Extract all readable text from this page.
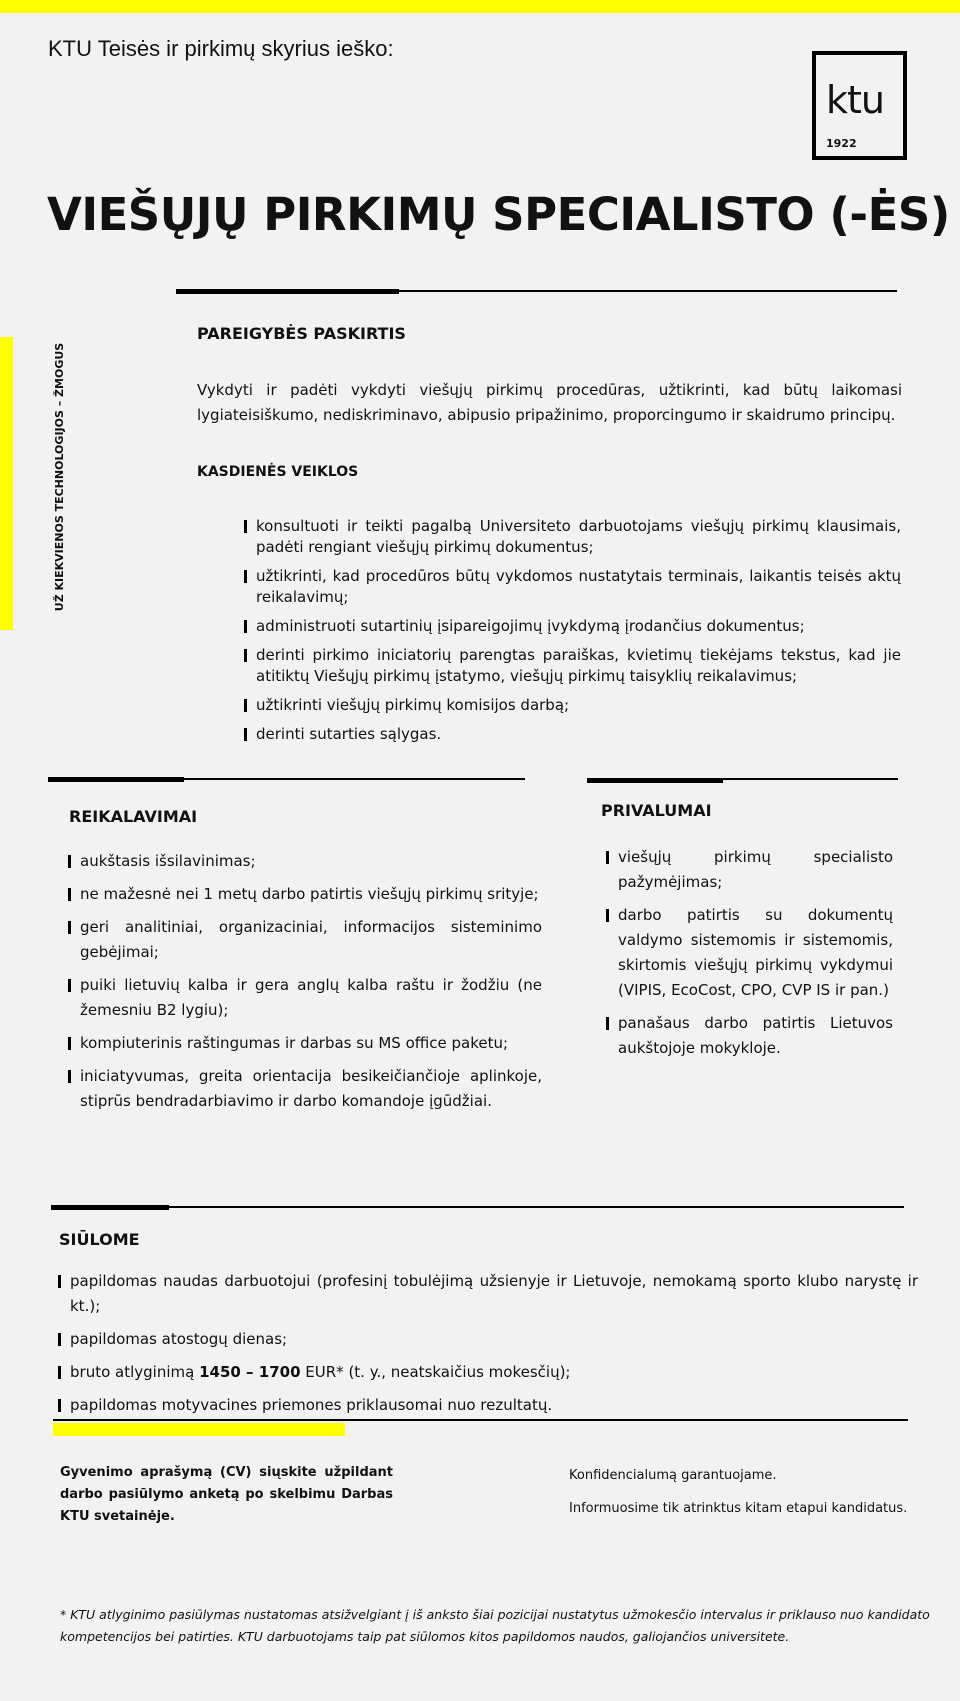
KTU Teisės ir pirkimų skyrius ieško:
ktu
1922
VIEŠŲJŲ PIRKIMŲ SPECIALISTO (-ĖS)
UŽ KIEKVIENOS TECHNOLOGIJOS – ŽMOGUS
PAREIGYBĖS PASKIRTIS
Vykdyti ir padėti vykdyti viešųjų pirkimų procedūras, užtikrinti, kad būtų laikomasi lygiateisiškumo, nediskriminavo, abipusio pripažinimo, proporcingumo ir skaidrumo principų.
KASDIENĖS VEIKLOS
konsultuoti ir teikti pagalbą Universiteto darbuotojams viešųjų pirkimų klausimais, padėti rengiant viešųjų pirkimų dokumentus;
užtikrinti, kad procedūros būtų vykdomos nustatytais terminais, laikantis teisės aktų reikalavimų;
administruoti sutartinių įsipareigojimų įvykdymą įrodančius dokumentus;
derinti pirkimo iniciatorių parengtas paraiškas, kvietimų tiekėjams tekstus, kad jie atitiktų Viešųjų pirkimų įstatymo, viešųjų pirkimų taisyklių reikalavimus;
užtikrinti viešųjų pirkimų komisijos darbą;
derinti sutarties sąlygas.
REIKALAVIMAI
aukštasis išsilavinimas;
ne mažesnė nei 1 metų darbo patirtis viešųjų pirkimų srityje;
geri analitiniai, organizaciniai, informacijos sisteminimo gebėjimai;
puiki lietuvių kalba ir gera anglų kalba raštu ir žodžiu (ne žemesniu B2 lygiu);
kompiuterinis raštingumas ir darbas su MS office paketu;
iniciatyvumas, greita orientacija besikeičiančioje aplinkoje, stiprūs bendradarbiavimo ir darbo komandoje įgūdžiai.
PRIVALUMAI
viešųjų pirkimų specialisto pažymėjimas;
darbo patirtis su dokumentų valdymo sistemomis ir sistemomis, skirtomis viešųjų pirkimų vykdymui (VIPIS, EcoCost, CPO, CVP IS ir pan.)
panašaus darbo patirtis Lietuvos aukštojoje mokykloje.
SIŪLOME
papildomas naudas darbuotojui (profesinį tobulėjimą užsienyje ir Lietuvoje, nemokamą sporto klubo narystę ir kt.);
papildomas atostogų dienas;
bruto atlyginimą 1450 – 1700 EUR* (t. y., neatskaičius mokesčių);
papildomas motyvacines priemones priklausomai nuo rezultatų.
Gyvenimo aprašymą (CV) siųskite užpildant darbo pasiūlymo anketą po skelbimu Darbas KTU svetainėje.
Konfidencialumą garantuojame.
Informuosime tik atrinktus kitam etapui kandidatus.
* KTU atlyginimo pasiūlymas nustatomas atsižvelgiant į iš anksto šiai pozicijai nustatytus užmokesčio intervalus ir priklauso nuo kandidato kompetencijos bei patirties. KTU darbuotojams taip pat siūlomos kitos papildomos naudos, galiojančios universitete.
